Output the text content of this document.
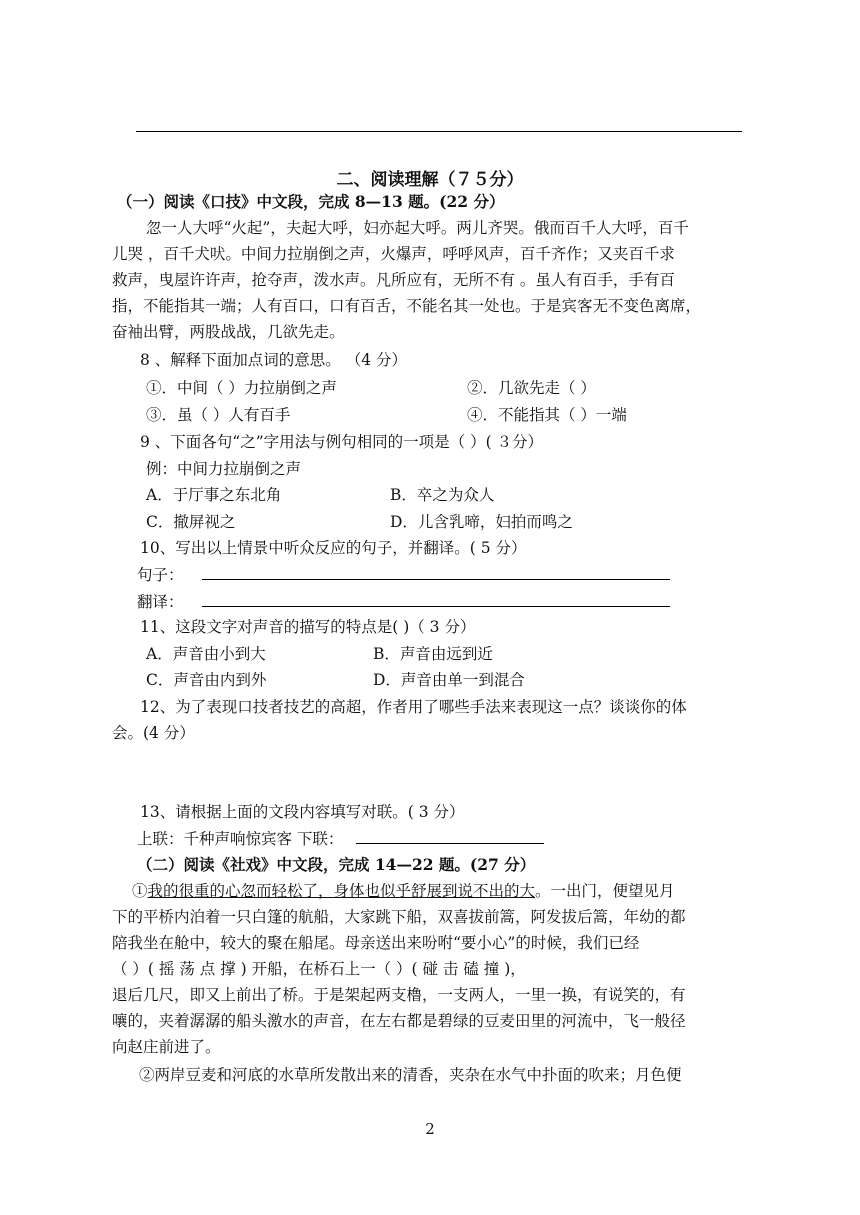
二、阅读理解（７５分）
（一）阅读《口技》中文段，完成 8—13 题。(22 分）
忽一人大呼“火起”，夫起大呼，妇亦起大呼。两儿齐哭。俄而百千人大呼，百千
儿哭 ，百千犬吠。中间力拉崩倒之声，火爆声，呼呼风声，百千齐作；又夹百千求
救声，曳屋许许声，抢夺声，泼水声。凡所应有，无所不有 。虽人有百手，手有百
指，不能指其一端；人有百口，口有百舌，不能名其一处也。于是宾客无不变色离席，
奋袖出臂，两股战战，几欲先走。
8 、解释下面加点词的意思。 （4 分）
①．中间（ ）力拉崩倒之声	②．几欲先走（ ）
③．虽（ ）人有百手	④．不能指其（ ）一端
9 、下面各句“之”字用法与例句相同的一项是（ ）( ３分）
例：中间力拉崩倒之声
A．于厅事之东北角	B．卒之为众人
C．撤屏视之	D．儿含乳啼，妇拍而鸣之
10、写出以上情景中听众反应的句子，并翻译。( 5 分）
句子：
翻译：
11、这段文字对声音的描写的特点是( )（ 3 分）
A．声音由小到大	B．声音由远到近
C．声音由内到外	D．声音由单一到混合
12、为了表现口技者技艺的高超，作者用了哪些手法来表现这一点？谈谈你的体
会。(4 分）
13、请根据上面的文段内容填写对联。( 3 分）
上联：千种声响惊宾客 下联：
（二）阅读《社戏》中文段，完成 14—22 题。(27 分）
①我的很重的心忽而轻松了，身体也似乎舒展到说不出的大。一出门，便望见月
下的平桥内泊着一只白篷的航船，大家跳下船，双喜拔前篙，阿发拔后篙，年幼的都
陪我坐在舱中，较大的聚在船尾。母亲送出来吩咐“要小心”的时候，我们已经
（ ）( 摇 荡 点 撑 ) 开船，在桥石上一（ ）( 碰 击 磕 撞 )，
退后几尺，即又上前出了桥。于是架起两支橹，一支两人，一里一换，有说笑的，有
嚷的，夹着潺潺的船头激水的声音，在左右都是碧绿的豆麦田里的河流中，飞一般径
向赵庄前进了。
②两岸豆麦和河底的水草所发散出来的清香，夹杂在水气中扑面的吹来；月色便
2
